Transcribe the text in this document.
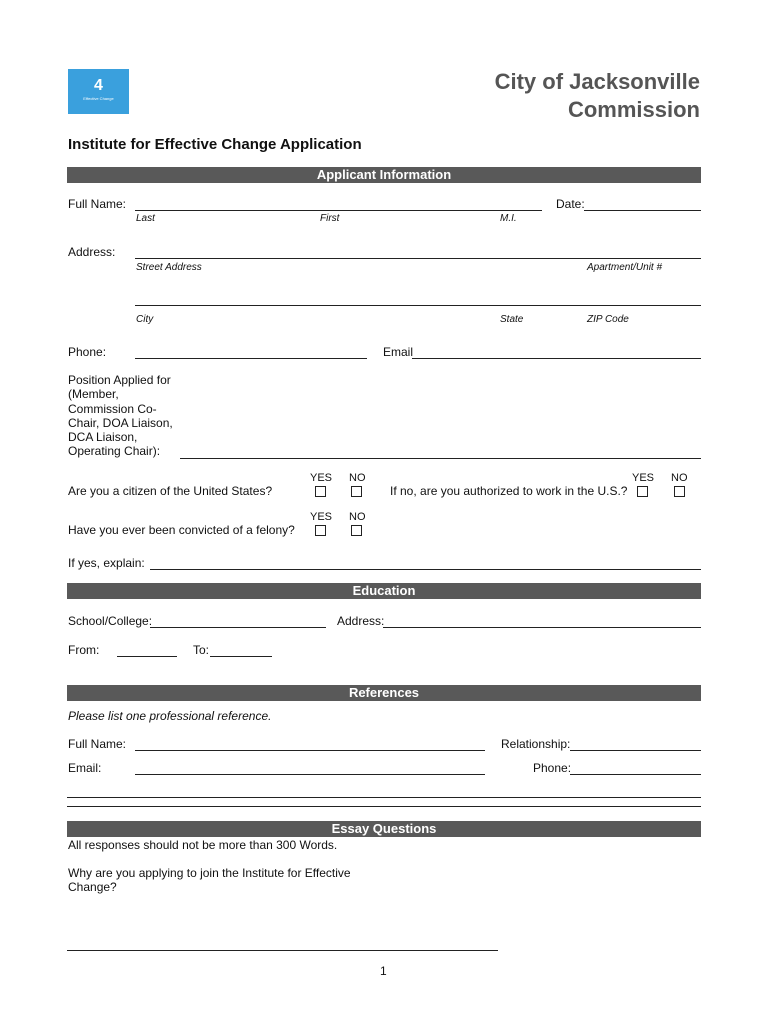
4
Effective Change
City of Jacksonville
Commission
Institute for Effective Change Application
Applicant Information
Full Name:	Date:
Last	First	M.I.
Address:
Street Address	Apartment/Unit #
City	State	ZIP Code
Phone:	Email
Position Applied for
(Member,
Commission Co-
Chair, DOA Liaison,
DCA Liaison,
Operating Chair):
Are you a citizen of the United States?
YES NO
If no, are you authorized to work in the U.S.?
YES NO
Have you ever been convicted of a felony?
YES NO
If yes, explain:
Education
School/College:	Address:
From:	To:
References
Please list one professional reference.
Full Name:	Relationship:
Email:	Phone:
Essay Questions
All responses should not be more than 300 Words.
Why are you applying to join the Institute for Effective
Change?
1
